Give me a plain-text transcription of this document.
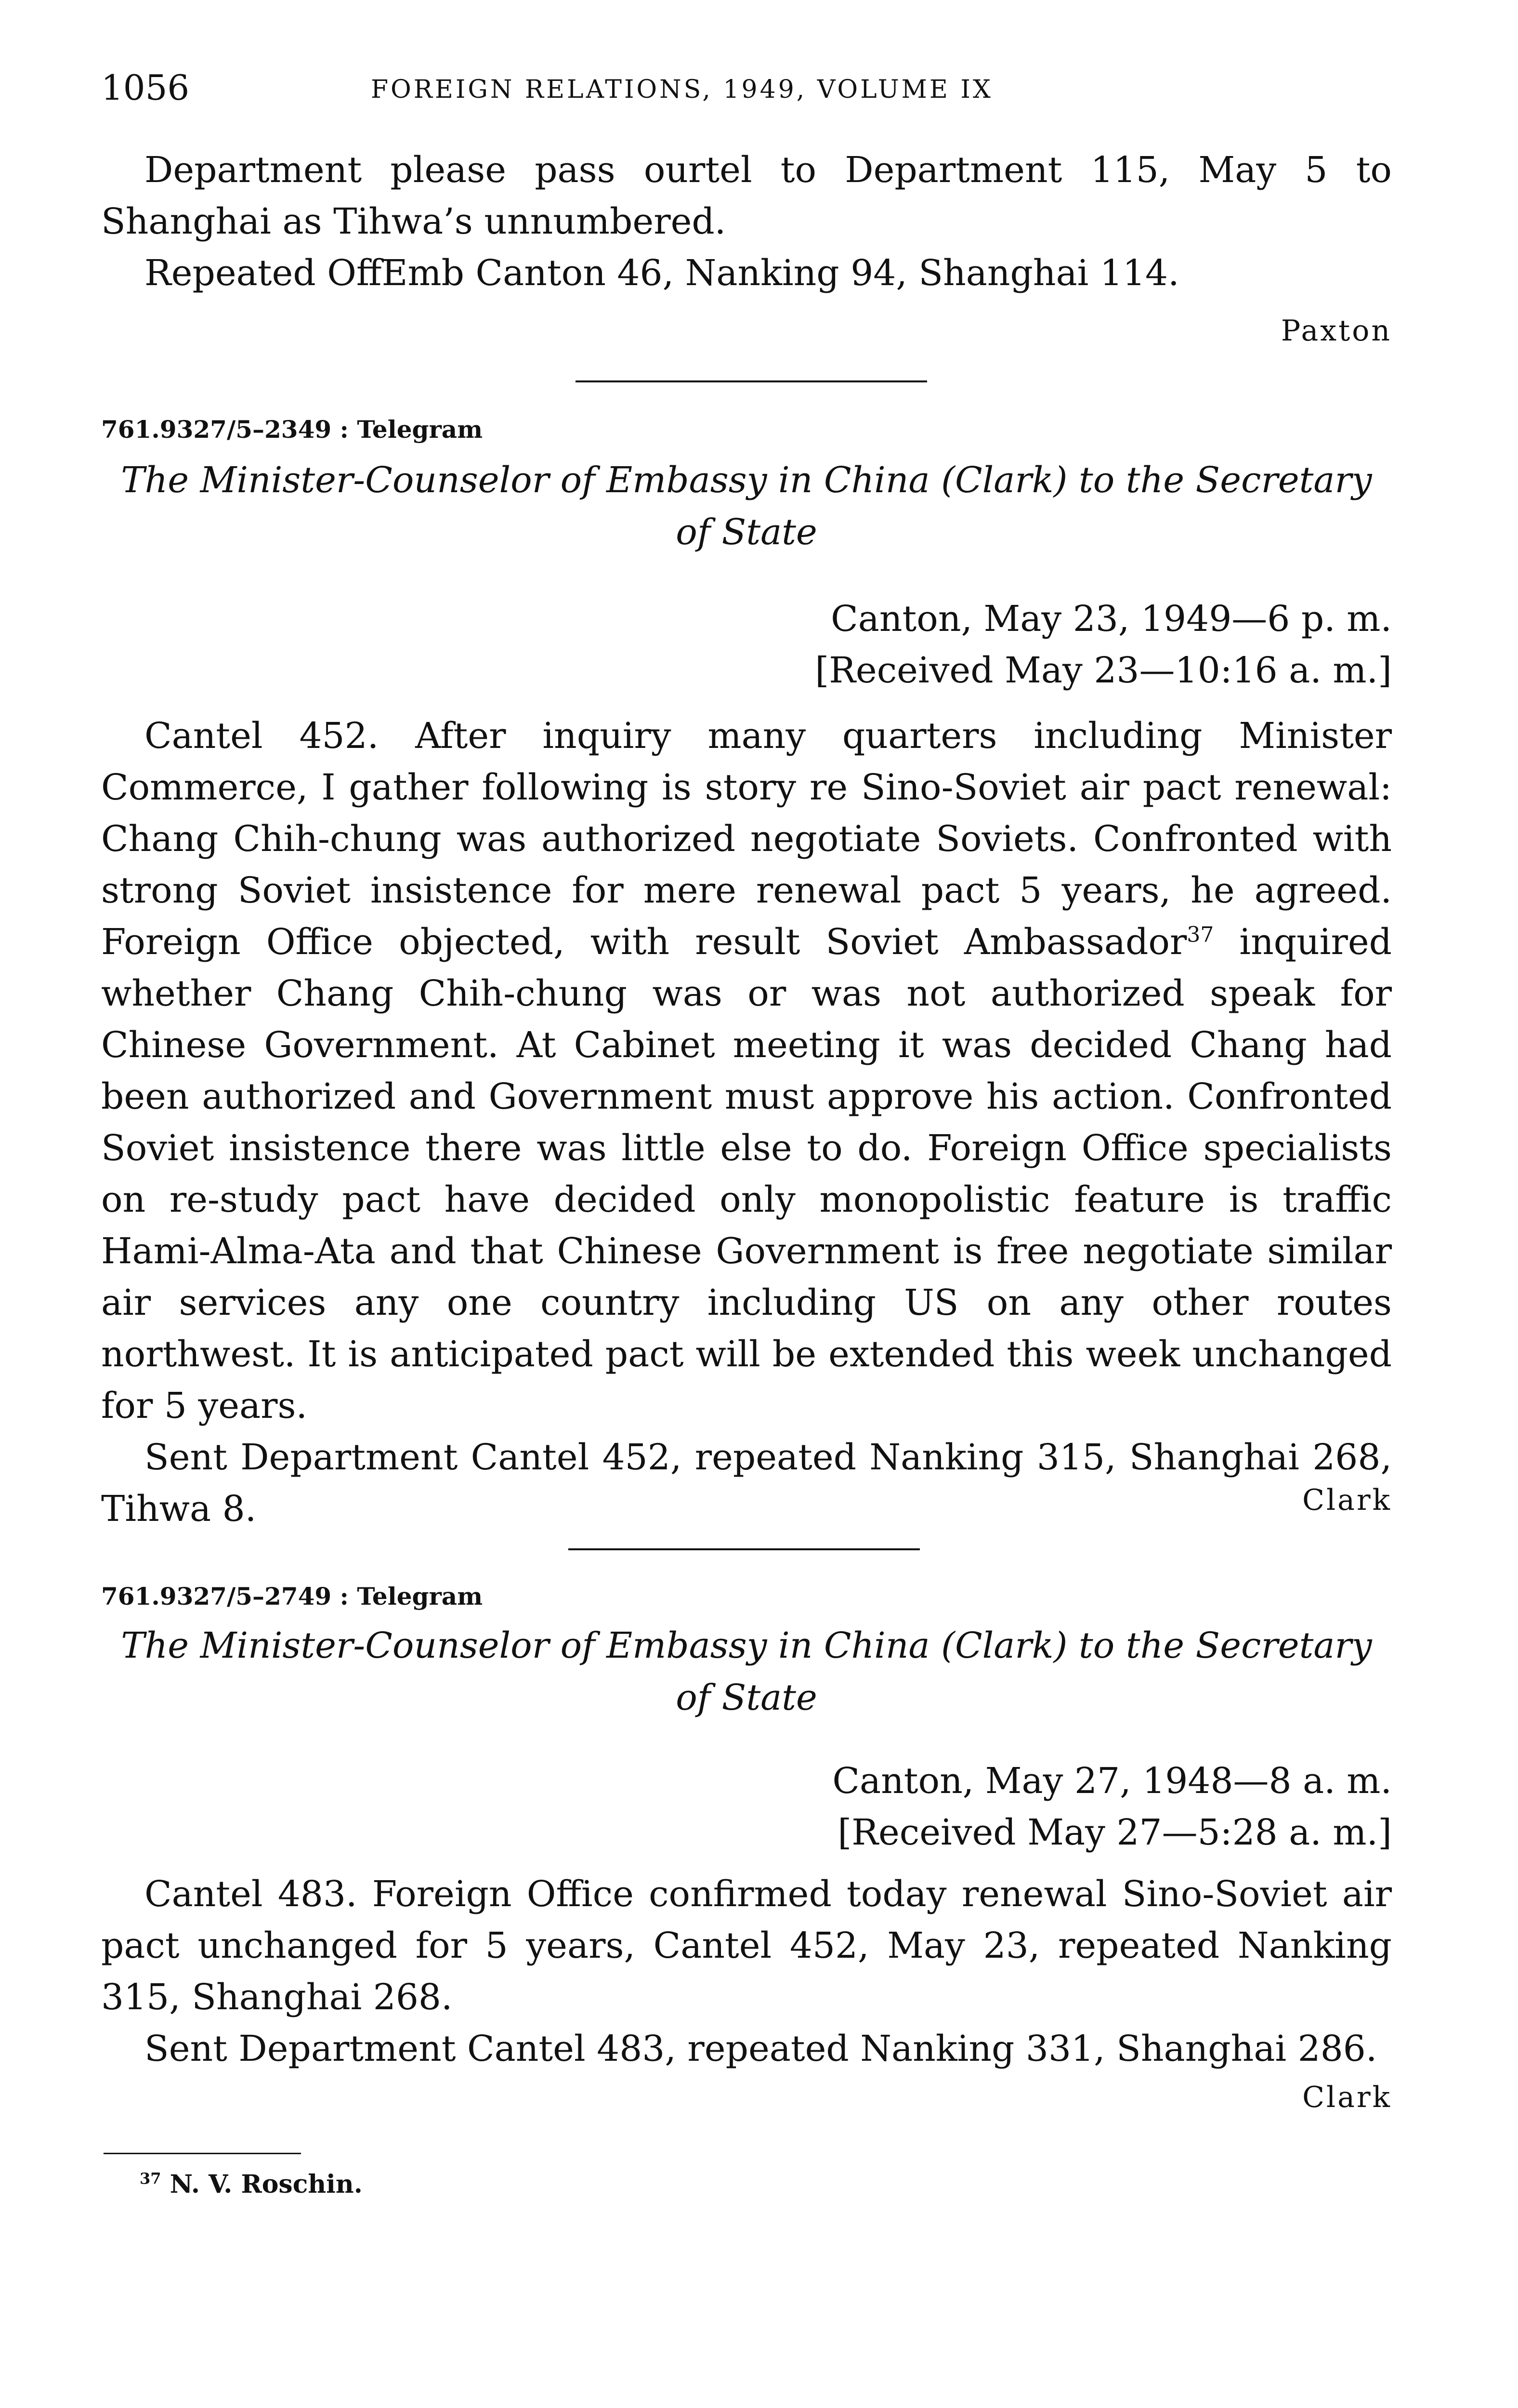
1056	FOREIGN RELATIONS, 1949, VOLUME IX

Department please pass ourtel to Department 115, May 5 to Shanghai as Tihwa’s unnumbered.

Repeated OffEmb Canton 46, Nanking 94, Shanghai 114.

Paxton
761.9327/5–2349 : Telegram
The Minister-Counselor of Embassy in China (Clark) to the Secretary of State
Canton, May 23, 1949—6 p. m.
[Received May 23—10:16 a. m.]

Cantel 452. After inquiry many quarters including Minister Commerce, I gather following is story re Sino-Soviet air pact renewal: Chang Chih-chung was authorized negotiate Soviets. Confronted with strong Soviet insistence for mere renewal pact 5 years, he agreed. Foreign Office objected, with result Soviet Ambassador$^{37}$ inquired whether Chang Chih-chung was or was not authorized speak for Chinese Government. At Cabinet meeting it was decided Chang had been authorized and Government must approve his action. Confronted Soviet insistence there was little else to do. Foreign Office specialists on re-study pact have decided only monopolistic feature is traffic Hami-Alma-Ata and that Chinese Government is free negotiate similar air services any one country including US on any other routes northwest. It is anticipated pact will be extended this week unchanged for 5 years.

Sent Department Cantel 452, repeated Nanking 315, Shanghai 268, Tihwa 8.	Clark
761.9327/5–2749 : Telegram
The Minister-Counselor of Embassy in China (Clark) to the Secretary of State
Canton, May 27, 1948—8 a. m.
[Received May 27—5:28 a. m.]

Cantel 483. Foreign Office confirmed today renewal Sino-Soviet air pact unchanged for 5 years, Cantel 452, May 23, repeated Nanking 315, Shanghai 268.

Sent Department Cantel 483, repeated Nanking 331, Shanghai 286.

Clark
$^{37}$ N. V. Roschin.
